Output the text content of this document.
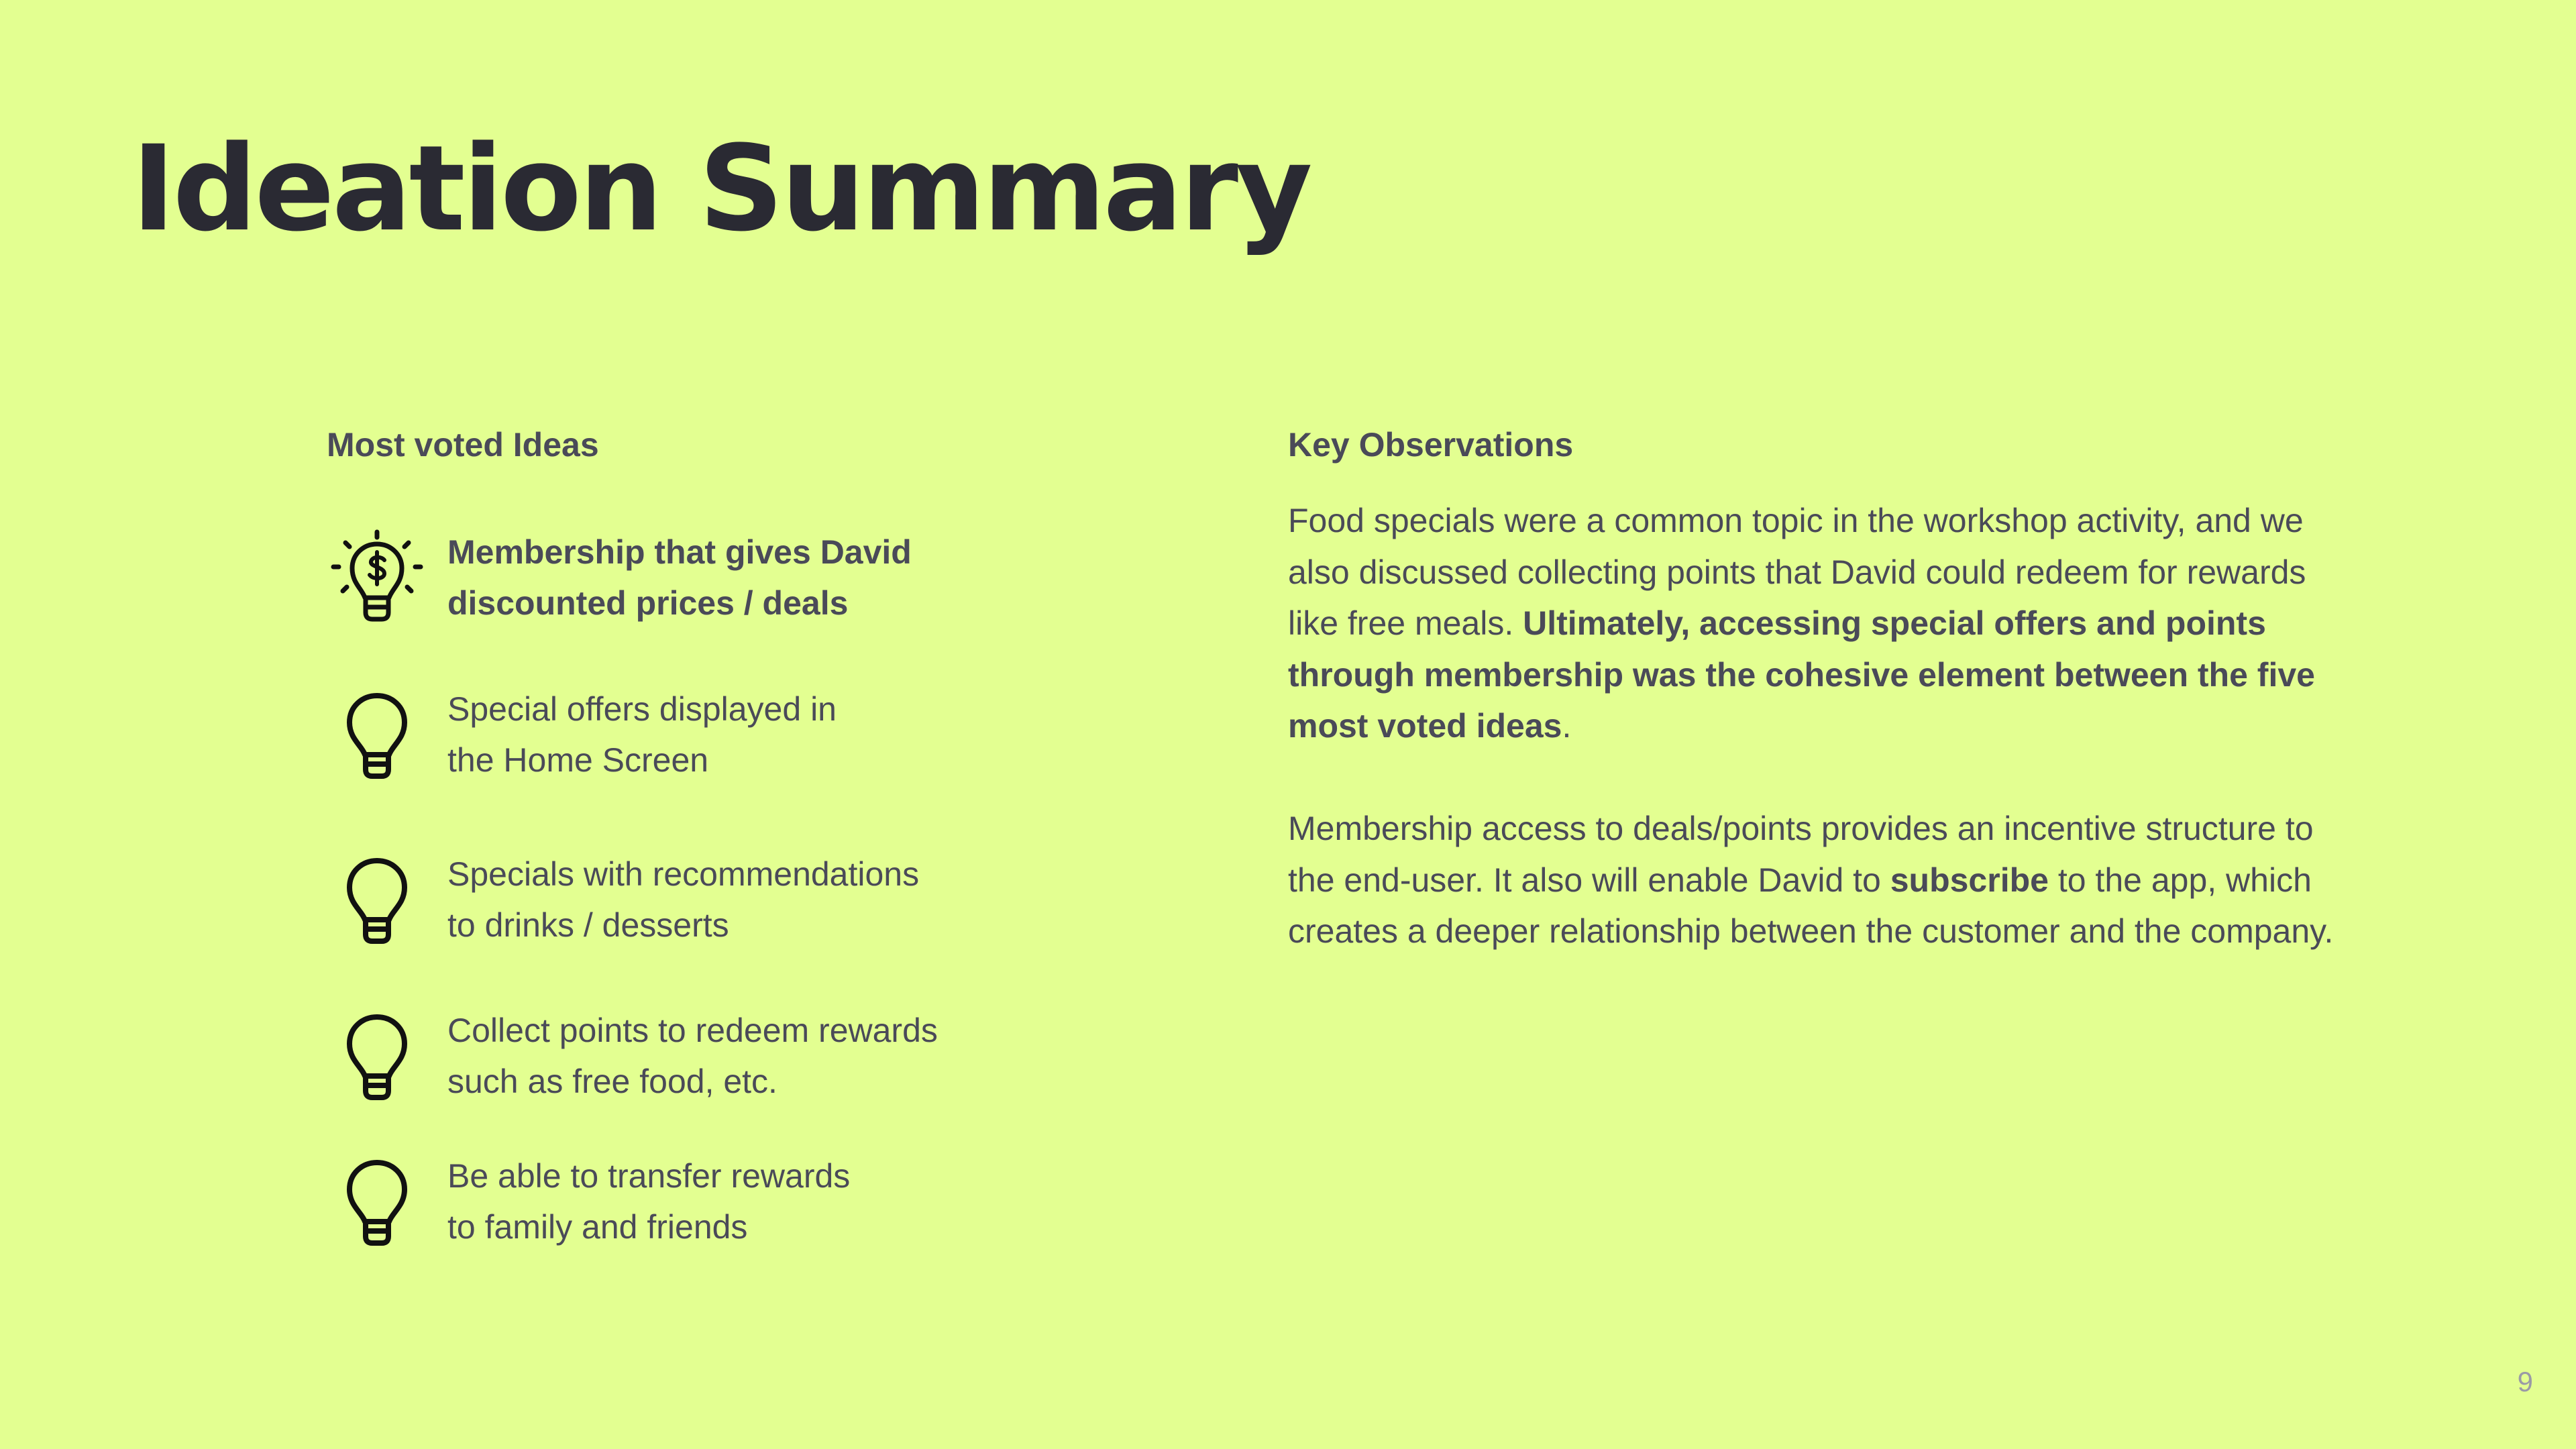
Ideation Summary
Most voted Ideas
Membership that gives David
discounted prices / deals
Special offers displayed in
the Home Screen
Specials with recommendations
to drinks / desserts
Collect points to redeem rewards
such as free food, etc.
Be able to transfer rewards
to family and friends
Key Observations

Food specials were a common topic in the workshop activity, and we also discussed collecting points that David could redeem for rewards like free meals. Ultimately, accessing special offers and points through membership was the cohesive element between the five most voted ideas.

Membership access to deals/points provides an incentive structure to the end-user. It also will enable David to subscribe to the app, which creates a deeper relationship between the customer and the company.

9
